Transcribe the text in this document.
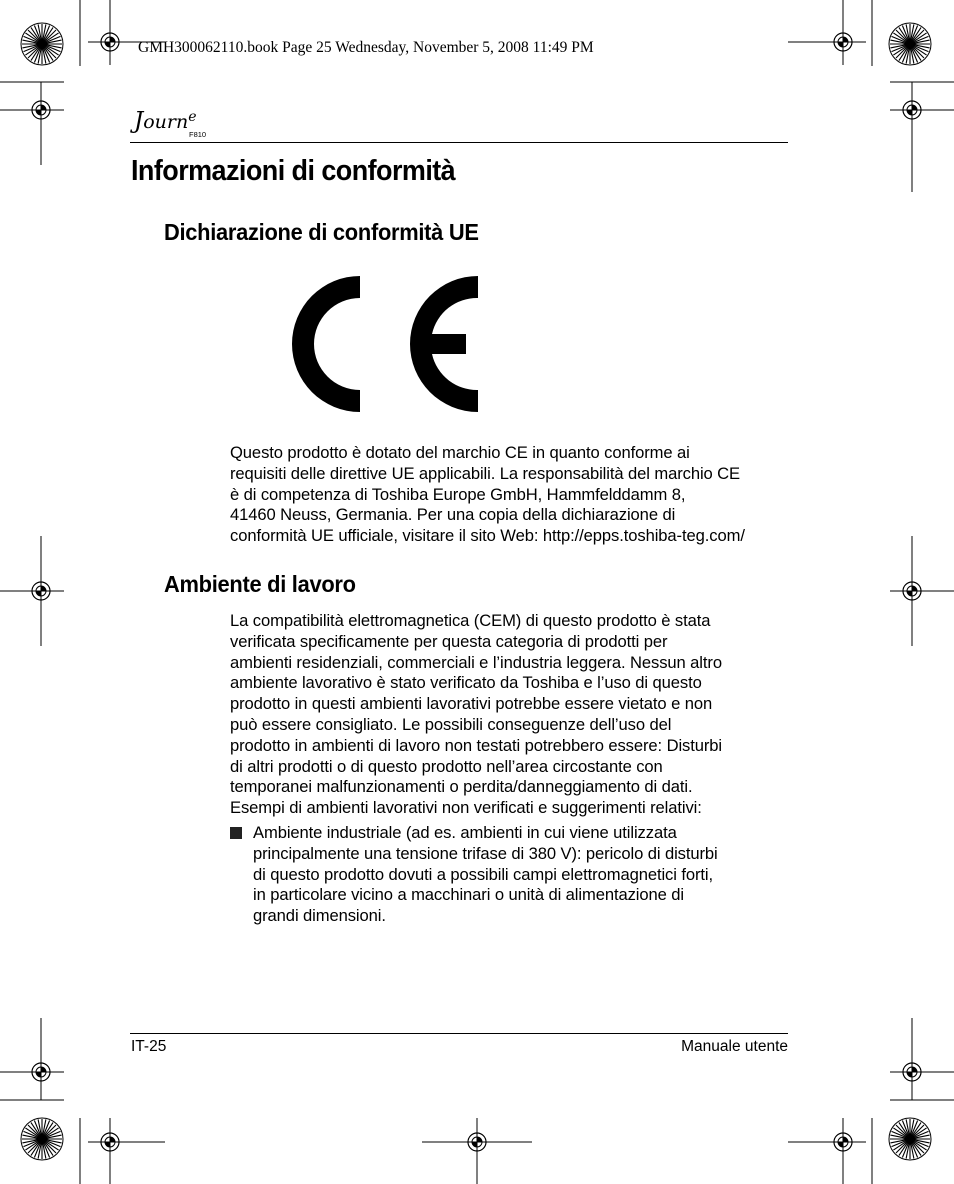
GMH300062110.book Page 25 Wednesday, November 5, 2008 11:49 PM
Journ$^e$
F810
Informazioni di conformità
Dichiarazione di conformità UE
Questo prodotto è dotato del marchio CE in quanto conforme ai
requisiti delle direttive UE applicabili. La responsabilità del marchio CE
è di competenza di Toshiba Europe GmbH, Hammfelddamm 8,
41460 Neuss, Germania. Per una copia della dichiarazione di
conformità UE ufficiale, visitare il sito Web: http://epps.toshiba-teg.com/
Ambiente di lavoro
La compatibilità elettromagnetica (CEM) di questo prodotto è stata
verificata specificamente per questa categoria di prodotti per
ambienti residenziali, commerciali e l’industria leggera. Nessun altro
ambiente lavorativo è stato verificato da Toshiba e l’uso di questo
prodotto in questi ambienti lavorativi potrebbe essere vietato e non
può essere consigliato. Le possibili conseguenze dell’uso del
prodotto in ambienti di lavoro non testati potrebbero essere: Disturbi
di altri prodotti o di questo prodotto nell’area circostante con
temporanei malfunzionamenti o perdita/danneggiamento di dati.
Esempi di ambienti lavorativi non verificati e suggerimenti relativi:
Ambiente industriale (ad es. ambienti in cui viene utilizzata
principalmente una tensione trifase di 380 V): pericolo di disturbi
di questo prodotto dovuti a possibili campi elettromagnetici forti,
in particolare vicino a macchinari o unità di alimentazione di
grandi dimensioni.
IT-25	Manuale utente
